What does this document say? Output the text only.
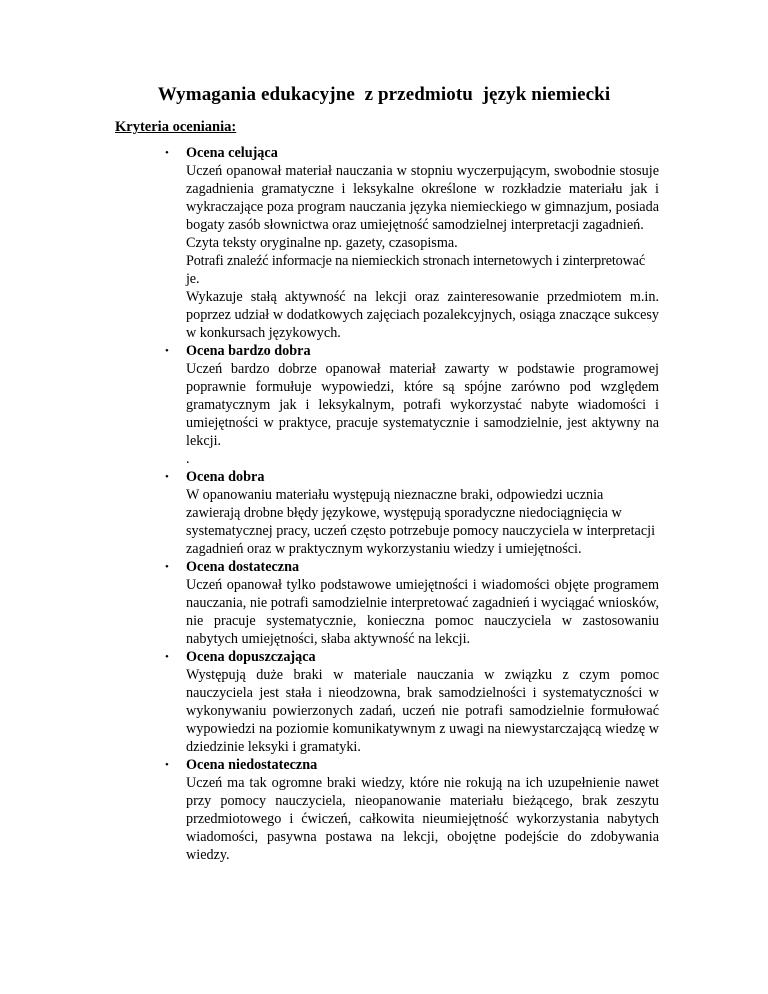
Wymagania edukacyjne  z przedmiotu  język niemiecki
Kryteria oceniania:
• Ocena celująca
Uczeń opanował materiał nauczania w stopniu wyczerpującym, swobodnie stosuje zagadnienia gramatyczne i leksykalne określone w rozkładzie materiału jak i wykraczające poza program nauczania języka niemieckiego w gimnazjum, posiada bogaty zasób słownictwa oraz umiejętność samodzielnej interpretacji zagadnień.
Czyta teksty oryginalne np. gazety, czasopisma.
Potrafi znaleźć informacje na niemieckich stronach internetowych i zinterpretować je.
Wykazuje stałą aktywność na lekcji oraz zainteresowanie przedmiotem m.in. poprzez udział w dodatkowych zajęciach pozalekcyjnych, osiąga znaczące sukcesy w konkursach językowych.
• Ocena bardzo dobra
Uczeń bardzo dobrze opanował materiał zawarty w podstawie programowej poprawnie formułuje wypowiedzi, które są spójne zarówno pod względem gramatycznym jak i leksykalnym, potrafi wykorzystać nabyte wiadomości i umiejętności w praktyce, pracuje systematycznie i samodzielnie, jest aktywny na lekcji.
.
• Ocena dobra
W opanowaniu materiału występują nieznaczne braki, odpowiedzi ucznia zawierają drobne błędy językowe, występują sporadyczne niedociągnięcia w systematycznej pracy, uczeń często potrzebuje pomocy nauczyciela w interpretacji zagadnień oraz w praktycznym wykorzystaniu wiedzy i umiejętności.
• Ocena dostateczna
Uczeń opanował tylko podstawowe umiejętności i wiadomości objęte programem nauczania, nie potrafi samodzielnie interpretować zagadnień i wyciągać wniosków, nie pracuje systematycznie, konieczna pomoc nauczyciela w zastosowaniu nabytych umiejętności, słaba aktywność na lekcji.
• Ocena dopuszczająca
Występują duże braki w materiale nauczania w związku z czym pomoc nauczyciela jest stała i nieodzowna, brak samodzielności i systematyczności w wykonywaniu powierzonych zadań, uczeń nie potrafi samodzielnie formułować wypowiedzi na poziomie komunikatywnym z uwagi na niewystarczającą wiedzę w dziedzinie leksyki i gramatyki.
• Ocena niedostateczna
Uczeń ma tak ogromne braki wiedzy, które nie rokują na ich uzupełnienie nawet przy pomocy nauczyciela, nieopanowanie materiału bieżącego, brak zeszytu przedmiotowego i ćwiczeń, całkowita nieumiejętność wykorzystania nabytych wiadomości, pasywna postawa na lekcji, obojętne podejście do zdobywania wiedzy.
